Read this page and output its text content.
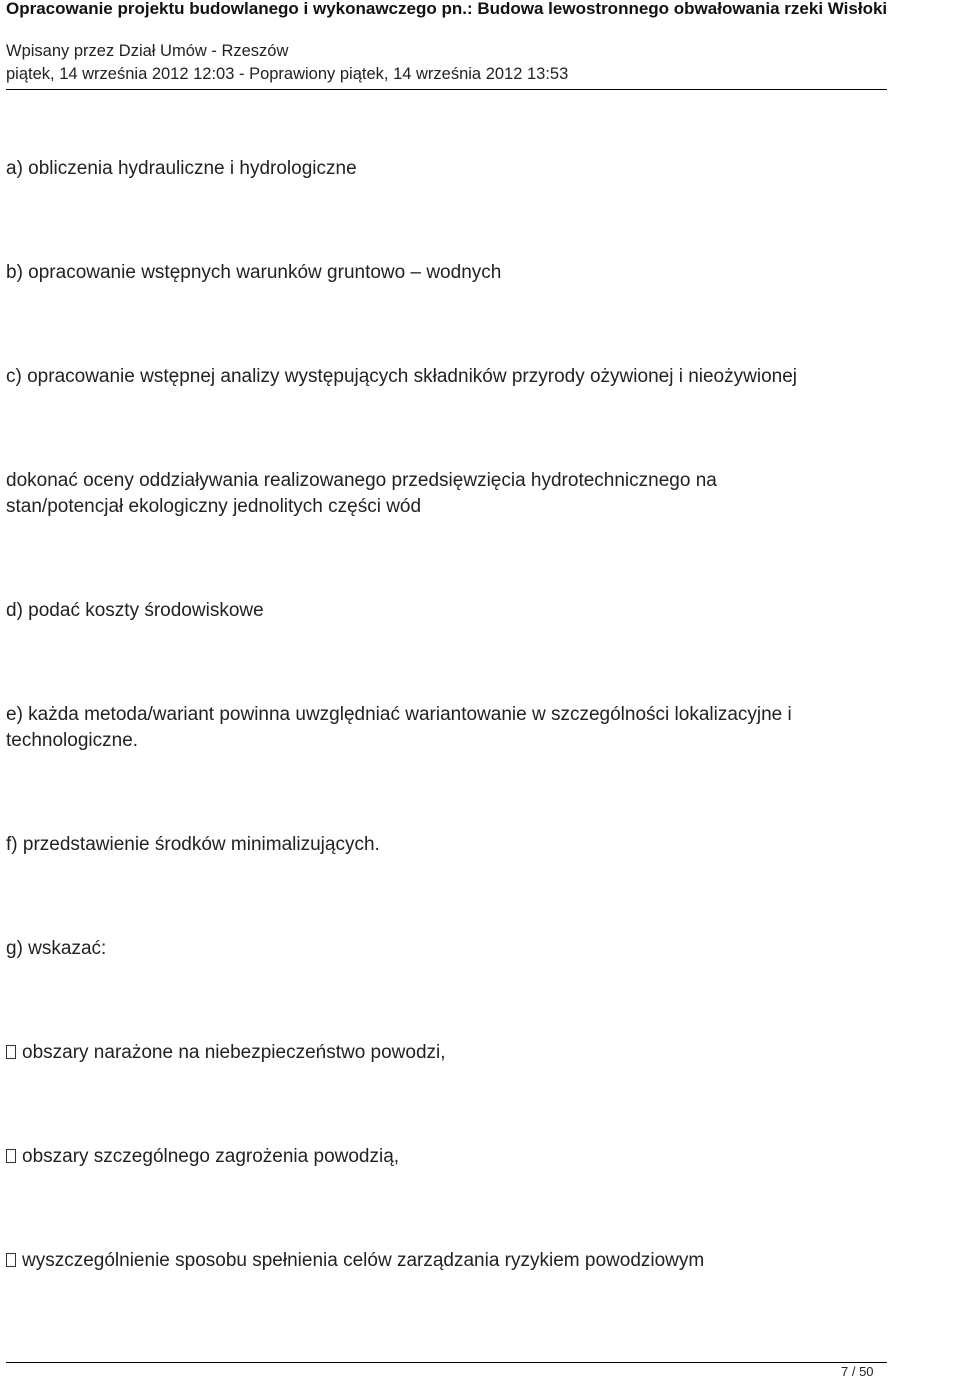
Opracowanie projektu budowlanego i wykonawczego pn.: Budowa lewostronnego obwałowania rzeki Wisłoki
Wpisany przez Dział Umów - Rzeszów
piątek, 14 września 2012 12:03 - Poprawiony piątek, 14 września 2012 13:53

a) obliczenia hydrauliczne i hydrologiczne

b) opracowanie wstępnych warunków gruntowo – wodnych

c) opracowanie wstępnej analizy występujących składników przyrody ożywionej i nieożywionej

dokonać oceny oddziaływania realizowanego przedsięwzięcia hydrotechnicznego na stan/potencjał ekologiczny jednolitych części wód

d) podać koszty środowiskowe

e) każda metoda/wariant powinna uwzględniać wariantowanie w szczególności lokalizacyjne i technologiczne.

f) przedstawienie środków minimalizujących.

g) wskazać:

obszary narażone na niebezpieczeństwo powodzi,

obszary szczególnego zagrożenia powodzią,

wyszczególnienie sposobu spełnienia celów zarządzania ryzykiem powodziowym

7 / 50
